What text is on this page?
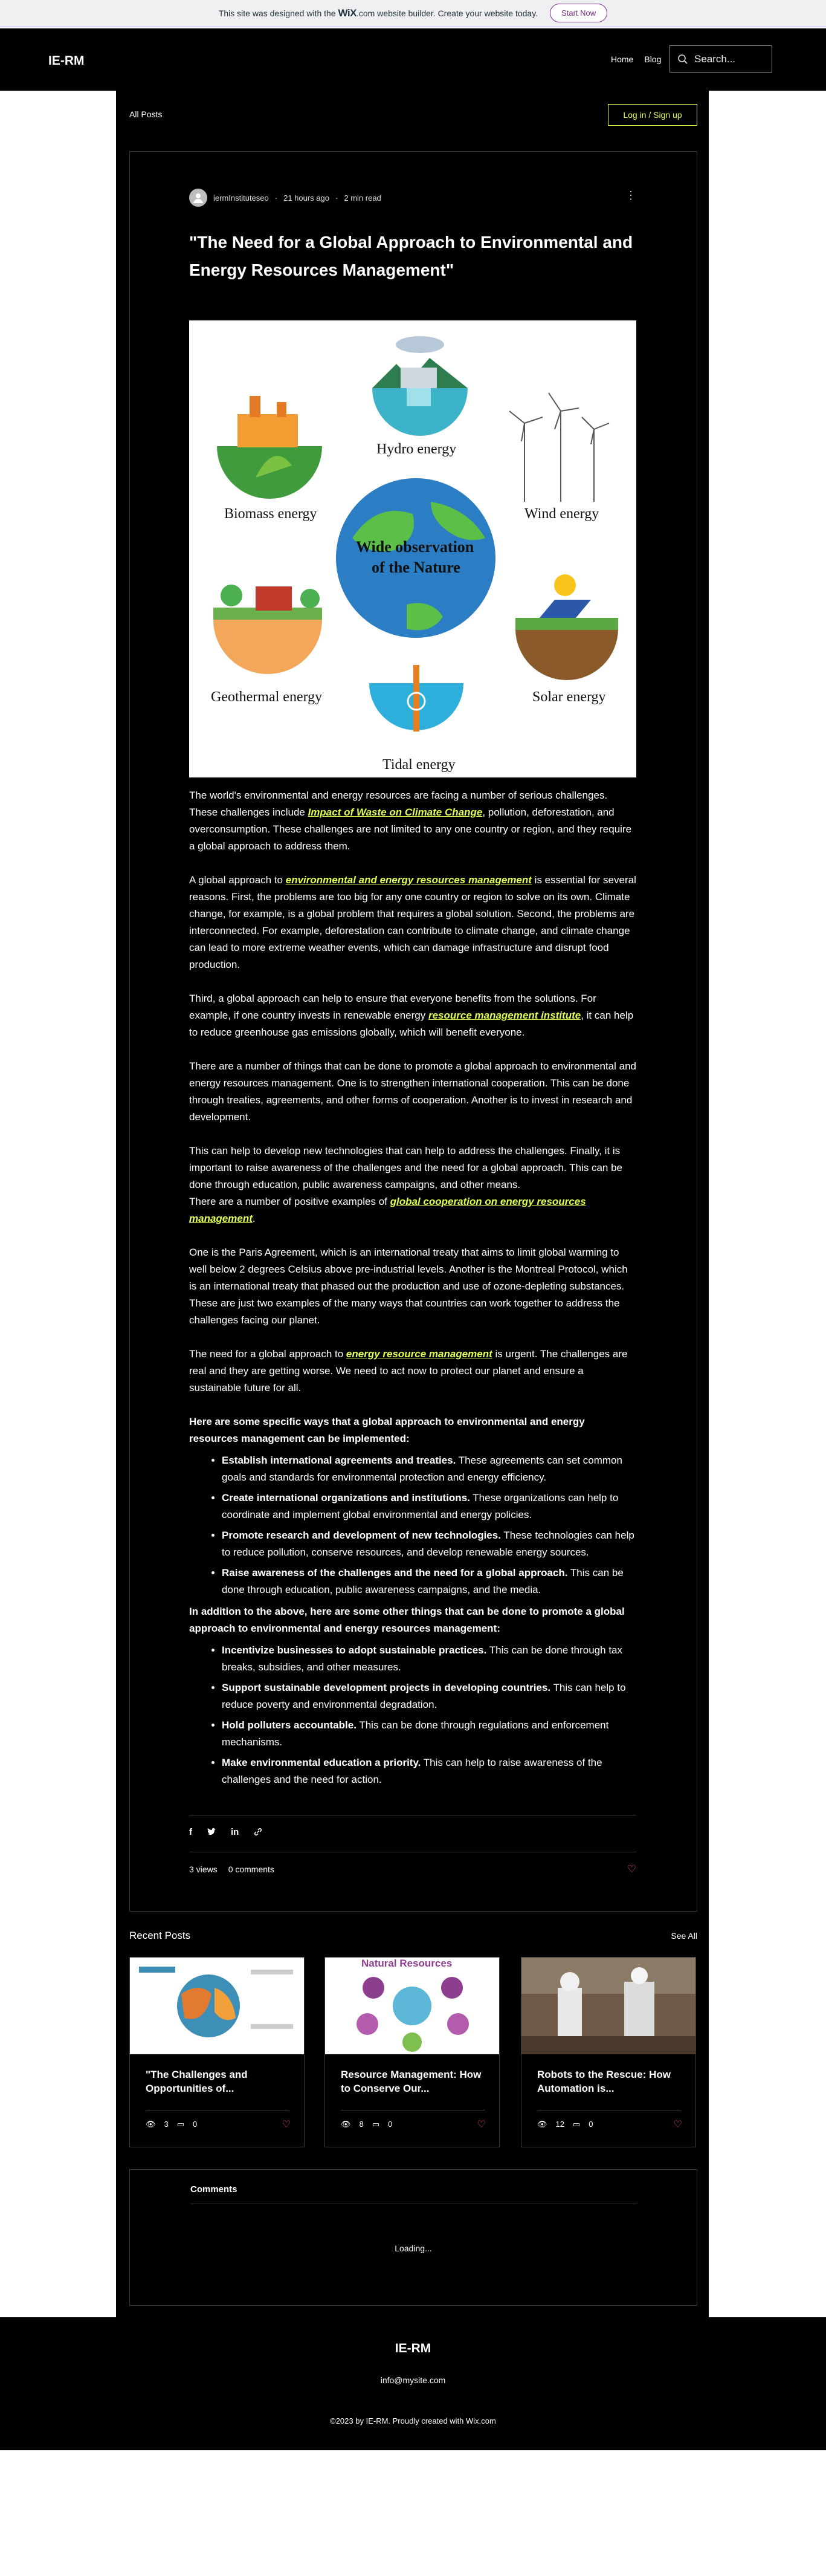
This site was designed with the WiX.com website builder. Create your website today.	Start Now
IE-RM	Home Blog	Search...
All Posts	Log in / Sign up
iermInstituteseo · 21 hours ago · 2 min read	⋮
"The Need for a Global Approach to Environmental and Energy Resources Management"
Hydro energy
Biomass energy	Wind energy
Wide observation
of the Nature
Geothermal energy	Solar energy
Tidal energy

The world's environmental and energy resources are facing a number of serious challenges. These challenges include Impact of Waste on Climate Change, pollution, deforestation, and overconsumption. These challenges are not limited to any one country or region, and they require a global approach to address them.

A global approach to environmental and energy resources management is essential for several reasons. First, the problems are too big for any one country or region to solve on its own. Climate change, for example, is a global problem that requires a global solution. Second, the problems are interconnected. For example, deforestation can contribute to climate change, and climate change can lead to more extreme weather events, which can damage infrastructure and disrupt food production.

Third, a global approach can help to ensure that everyone benefits from the solutions. For example, if one country invests in renewable energy resource management institute, it can help to reduce greenhouse gas emissions globally, which will benefit everyone.

There are a number of things that can be done to promote a global approach to environmental and energy resources management. One is to strengthen international cooperation. This can be done through treaties, agreements, and other forms of cooperation. Another is to invest in research and development.

This can help to develop new technologies that can help to address the challenges. Finally, it is important to raise awareness of the challenges and the need for a global approach. This can be done through education, public awareness campaigns, and other means.

There are a number of positive examples of global cooperation on energy resources management.

One is the Paris Agreement, which is an international treaty that aims to limit global warming to well below 2 degrees Celsius above pre-industrial levels. Another is the Montreal Protocol, which is an international treaty that phased out the production and use of ozone-depleting substances. These are just two examples of the many ways that countries can work together to address the challenges facing our planet.

The need for a global approach to energy resource management is urgent. The challenges are real and they are getting worse. We need to act now to protect our planet and ensure a sustainable future for all.

Here are some specific ways that a global approach to environmental and energy resources management can be implemented:

• Establish international agreements and treaties. These agreements can set common goals and standards for environmental protection and energy efficiency.
• Create international organizations and institutions. These organizations can help to coordinate and implement global environmental and energy policies.
• Promote research and development of new technologies. These technologies can help to reduce pollution, conserve resources, and develop renewable energy sources.
• Raise awareness of the challenges and the need for a global approach. This can be done through education, public awareness campaigns, and the media.

In addition to the above, here are some other things that can be done to promote a global approach to environmental and energy resources management:

• Incentivize businesses to adopt sustainable practices. This can be done through tax breaks, subsidies, and other measures.
• Support sustainable development projects in developing countries. This can help to reduce poverty and environmental degradation.
• Hold polluters accountable. This can be done through regulations and enforcement mechanisms.
• Make environmental education a priority. This can help to raise awareness of the challenges and the need for action.
f	in
3 views 0 comments	♡
Recent Posts	See All
"The Challenges and Opportunities of...
👁 3 ▭ 0	♡
Natural Resources
Resource Management: How to Conserve Our...
👁 8 ▭ 0	♡
Robots to the Rescue: How Automation is...
👁 12 ▭ 0	♡
Comments
Loading...
IE-RM
info@mysite.com
©2023 by IE-RM. Proudly created with Wix.com
